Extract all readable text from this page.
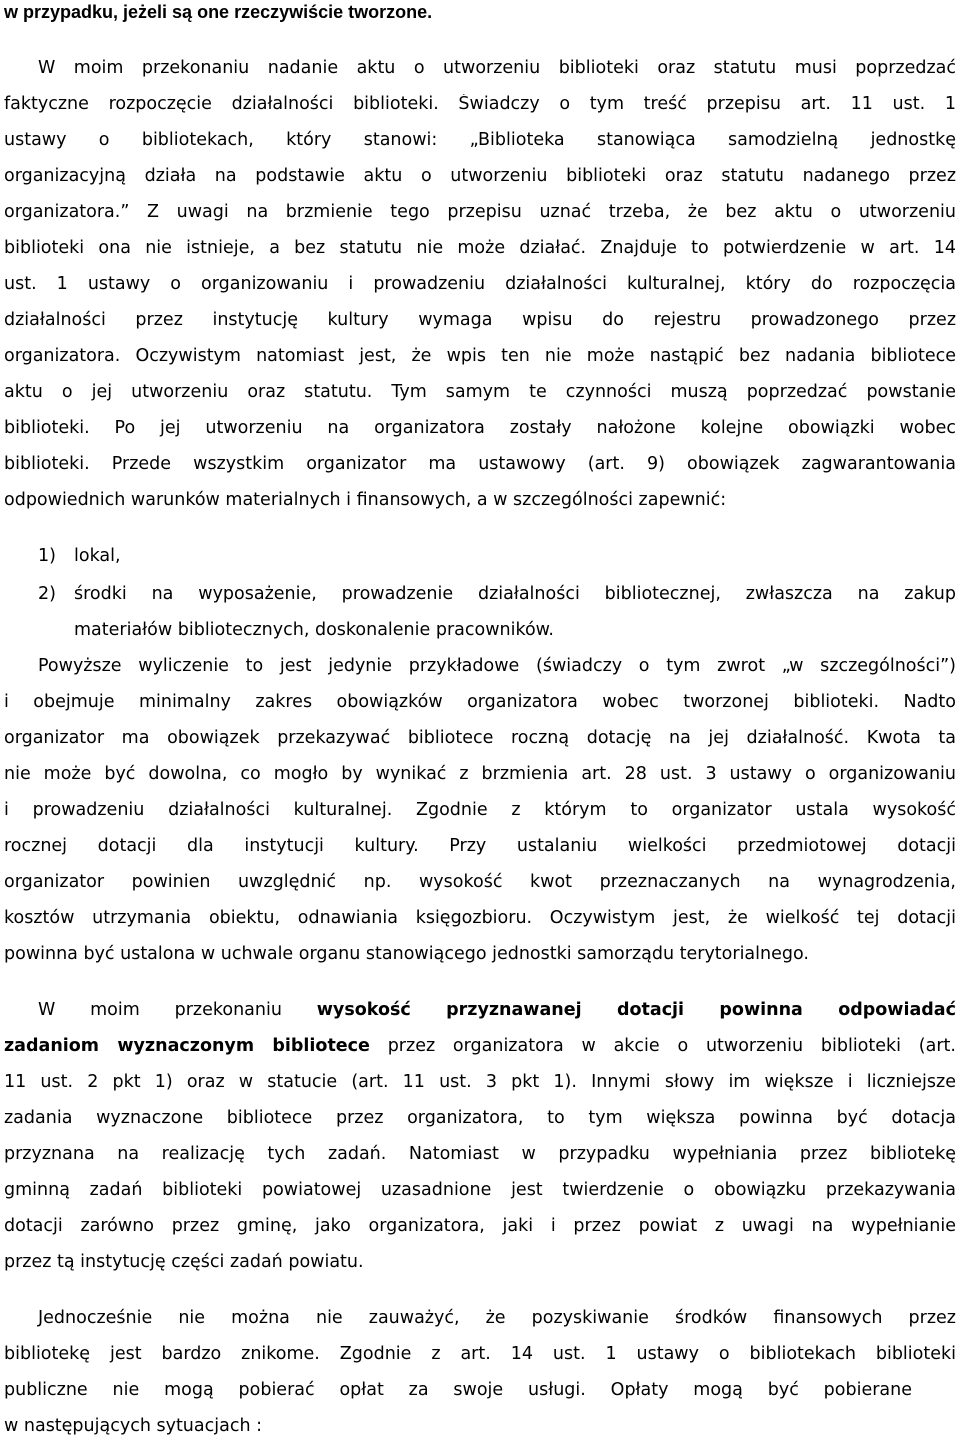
w przypadku, jeżeli są one rzeczywiście tworzone.
W moim przekonaniu nadanie aktu o utworzeniu biblioteki oraz statutu musi poprzedzać
faktyczne rozpoczęcie działalności biblioteki. Świadczy o tym treść przepisu art. 11 ust. 1
ustawy o bibliotekach, który stanowi: „Biblioteka stanowiąca samodzielną jednostkę
organizacyjną działa na podstawie aktu o utworzeniu biblioteki oraz statutu nadanego przez
organizatora.” Z uwagi na brzmienie tego przepisu uznać trzeba, że bez aktu o utworzeniu
biblioteki ona nie istnieje, a bez statutu nie może działać. Znajduje to potwierdzenie w art. 14
ust. 1 ustawy o organizowaniu i prowadzeniu działalności kulturalnej, który do rozpoczęcia
działalności przez instytucję kultury wymaga wpisu do rejestru prowadzonego przez
organizatora. Oczywistym natomiast jest, że wpis ten nie może nastąpić bez nadania bibliotece
aktu o jej utworzeniu oraz statutu. Tym samym te czynności muszą poprzedzać powstanie
biblioteki. Po jej utworzeniu na organizatora zostały nałożone kolejne obowiązki wobec
biblioteki. Przede wszystkim organizator ma ustawowy (art. 9) obowiązek zagwarantowania
odpowiednich warunków materialnych i finansowych, a w szczególności zapewnić:
1) lokal,
2) środki na wyposażenie, prowadzenie działalności bibliotecznej, zwłaszcza na zakup
materiałów bibliotecznych, doskonalenie pracowników.
Powyższe wyliczenie to jest jedynie przykładowe (świadczy o tym zwrot „w szczególności”)
i obejmuje minimalny zakres obowiązków organizatora wobec tworzonej biblioteki. Nadto
organizator ma obowiązek przekazywać bibliotece roczną dotację na jej działalność. Kwota ta
nie może być dowolna, co mogło by wynikać z brzmienia art. 28 ust. 3 ustawy o organizowaniu
i prowadzeniu działalności kulturalnej. Zgodnie z którym to organizator ustala wysokość
rocznej dotacji dla instytucji kultury. Przy ustalaniu wielkości przedmiotowej dotacji
organizator powinien uwzględnić np. wysokość kwot przeznaczanych na wynagrodzenia,
kosztów utrzymania obiektu, odnawiania księgozbioru. Oczywistym jest, że wielkość tej dotacji
powinna być ustalona w uchwale organu stanowiącego jednostki samorządu terytorialnego.
W moim przekonaniu wysokość przyznawanej dotacji powinna odpowiadać
zadaniom wyznaczonym bibliotece przez organizatora w akcie o utworzeniu biblioteki (art.
11 ust. 2 pkt 1) oraz w statucie (art. 11 ust. 3 pkt 1). Innymi słowy im większe i liczniejsze
zadania wyznaczone bibliotece przez organizatora, to tym większa powinna być dotacja
przyznana na realizację tych zadań. Natomiast w przypadku wypełniania przez bibliotekę
gminną zadań biblioteki powiatowej uzasadnione jest twierdzenie o obowiązku przekazywania
dotacji zarówno przez gminę, jako organizatora, jaki i przez powiat z uwagi na wypełnianie
przez tą instytucję części zadań powiatu.
Jednocześnie nie można nie zauważyć, że pozyskiwanie środków finansowych przez
bibliotekę jest bardzo znikome. Zgodnie z art. 14 ust. 1 ustawy o bibliotekach biblioteki
publiczne nie mogą pobierać opłat za swoje usługi. Opłaty mogą być pobierane
w następujących sytuacjach :
